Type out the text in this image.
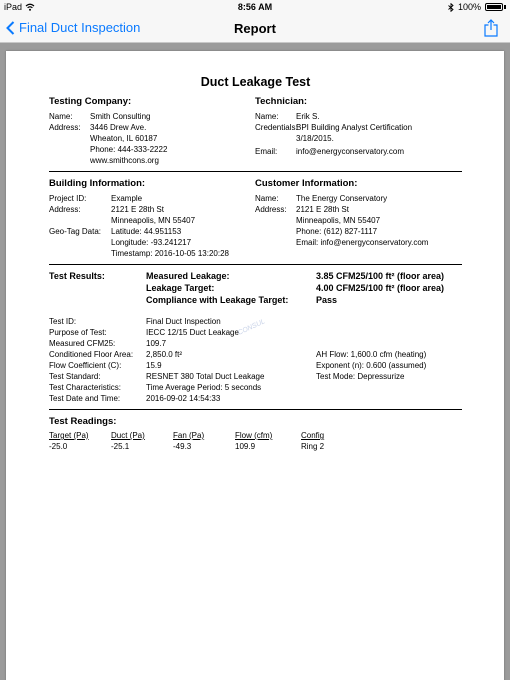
iPad	8:56 AM	100%
Final Duct Inspection	Report
Duct Leakage Test
Testing Company:
Name:	Smith Consulting
Address:	3446 Drew Ave.
Wheaton, IL 60187
Phone: 444-333-2222
www.smithcons.org
Technician:
Name:	Erik S.
Credentials:
BPI Building Analyst Certification
3/18/2015.
Email:	info@energyconservatory.com
Building Information:
Project ID:	Example
Address:	2121 E 28th St
Minneapolis, MN 55407
Geo-Tag Data:	Latitude: 44.951153
Longitude: -93.241217
Timestamp: 2016-10-05 13:20:28
Customer Information:
Name:	The Energy Conservatory
Address:	2121 E 28th St
Minneapolis, MN 55407
Phone: (612) 827-1117
Email: info@energyconservatory.com
Test Results:	Measured Leakage:	3.85 CFM25/100 ft² (floor area)
Leakage Target:	4.00 CFM25/100 ft² (floor area)
Compliance with Leakage Target:	Pass
CONSUL
Test ID:	Final Duct Inspection
Purpose of Test:	IECC 12/15 Duct Leakage
Measured CFM25:	109.7
Conditioned Floor Area:	2,850.0 ft²	AH Flow: 1,600.0 cfm (heating)
Flow Coefficient (C):	15.9	Exponent (n): 0.600 (assumed)
Test Standard:	RESNET 380 Total Duct Leakage	Test Mode: Depressurize
Test Characteristics:	Time Average Period: 5 seconds
Test Date and Time:	2016-09-02 14:54:33
Test Readings:
Target (Pa)	Duct (Pa)	Fan (Pa)	Flow (cfm)	Config
-25.0	-25.1	-49.3	109.9	Ring 2
